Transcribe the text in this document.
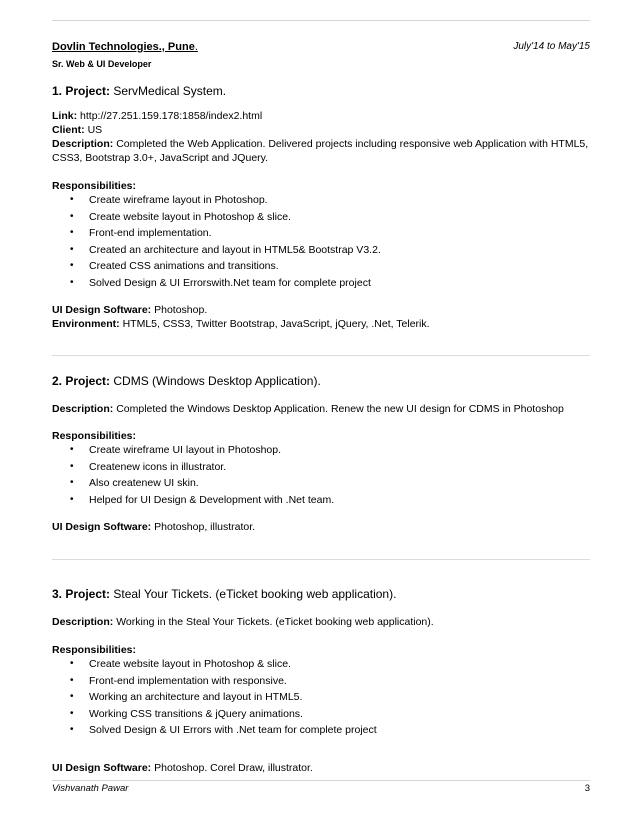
Dovlin Technologies., Pune.	July'14 to May'15
Sr. Web & UI Developer
1. Project: ServMedical System.
Link: http://27.251.159.178:1858/index2.html
Client: US
Description: Completed the Web Application. Delivered projects including responsive web Application with HTML5, CSS3, Bootstrap 3.0+, JavaScript and JQuery.
Responsibilities:
• Create wireframe layout in Photoshop.
• Create website layout in Photoshop & slice.
• Front-end implementation.
• Created an architecture and layout in HTML5& Bootstrap V3.2.
• Created CSS animations and transitions.
• Solved Design & UI Errorswith.Net team for complete project
UI Design Software: Photoshop.
Environment: HTML5, CSS3, Twitter Bootstrap, JavaScript, jQuery, .Net, Telerik.
2. Project: CDMS (Windows Desktop Application).
Description: Completed the Windows Desktop Application. Renew the new UI design for CDMS in Photoshop
Responsibilities:
• Create wireframe UI layout in Photoshop.
• Createnew icons in illustrator.
• Also createnew UI skin.
• Helped for UI Design & Development with .Net team.
UI Design Software: Photoshop, illustrator.
3. Project: Steal Your Tickets. (eTicket booking web application).
Description: Working in the Steal Your Tickets. (eTicket booking web application).
Responsibilities:
• Create website layout in Photoshop & slice.
• Front-end implementation with responsive.
• Working an architecture and layout in HTML5.
• Working CSS transitions & jQuery animations.
• Solved Design & UI Errors with .Net team for complete project
UI Design Software: Photoshop. Corel Draw, illustrator.
Vishvanath Pawar	3
